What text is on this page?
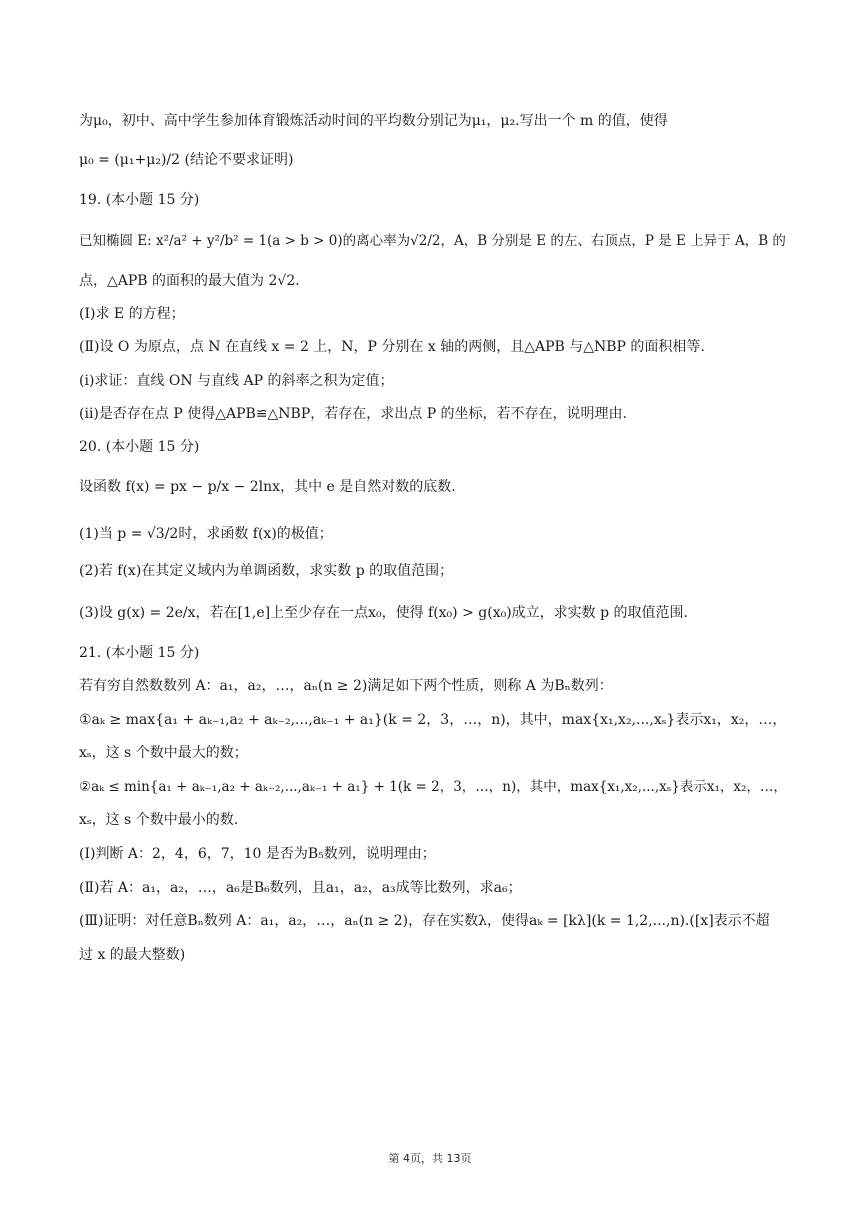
为μ₀，初中、高中学生参加体育锻炼活动时间的平均数分别记为μ₁，μ₂.写出一个 m 的值，使得
μ₀ = (μ₁+μ₂)/2 (结论不要求证明)
19. (本小题 15 分)
已知椭圆 E: x²/a² + y²/b² = 1(a > b > 0)的离心率为√2/2，A，B 分别是 E 的左、右顶点，P 是 E 上异于 A，B 的
点，△APB 的面积的最大值为 2√2.
(Ⅰ)求 E 的方程；
(Ⅱ)设 O 为原点，点 N 在直线 x = 2 上，N，P 分别在 x 轴的两侧，且△APB 与△NBP 的面积相等.
(i)求证：直线 ON 与直线 AP 的斜率之积为定值；
(ii)是否存在点 P 使得△APB≌△NBP，若存在，求出点 P 的坐标，若不存在，说明理由.
20. (本小题 15 分)
设函数 f(x) = px − p/x − 2lnx，其中 e 是自然对数的底数.
(1)当 p = √3/2时，求函数 f(x)的极值；
(2)若 f(x)在其定义域内为单调函数，求实数 p 的取值范围；
(3)设 g(x) = 2e/x，若在[1,e]上至少存在一点x₀，使得 f(x₀) > g(x₀)成立，求实数 p 的取值范围.
21. (本小题 15 分)
若有穷自然数数列 A：a₁，a₂，…，aₙ(n ≥ 2)满足如下两个性质，则称 A 为Bₙ数列：
①aₖ ≥ max{a₁ + aₖ₋₁,a₂ + aₖ₋₂,...,aₖ₋₁ + a₁}(k = 2，3，…，n)，其中，max{x₁,x₂,...,xₛ}表示x₁，x₂，…，
xₛ，这 s 个数中最大的数；
②aₖ ≤ min{a₁ + aₖ₋₁,a₂ + aₖ₋₂,...,aₖ₋₁ + a₁} + 1(k = 2，3，…，n)，其中，max{x₁,x₂,...,xₛ}表示x₁，x₂，…，
xₛ，这 s 个数中最小的数.
(Ⅰ)判断 A：2，4，6，7，10 是否为B₅数列，说明理由；
(Ⅱ)若 A：a₁，a₂，…，a₆是B₆数列，且a₁，a₂，a₃成等比数列，求a₆；
(Ⅲ)证明：对任意Bₙ数列 A：a₁，a₂，…，aₙ(n ≥ 2)，存在实数λ，使得aₖ = [kλ](k = 1,2,...,n).([x]表示不超
过 x 的最大整数)
第 4页，共 13页
